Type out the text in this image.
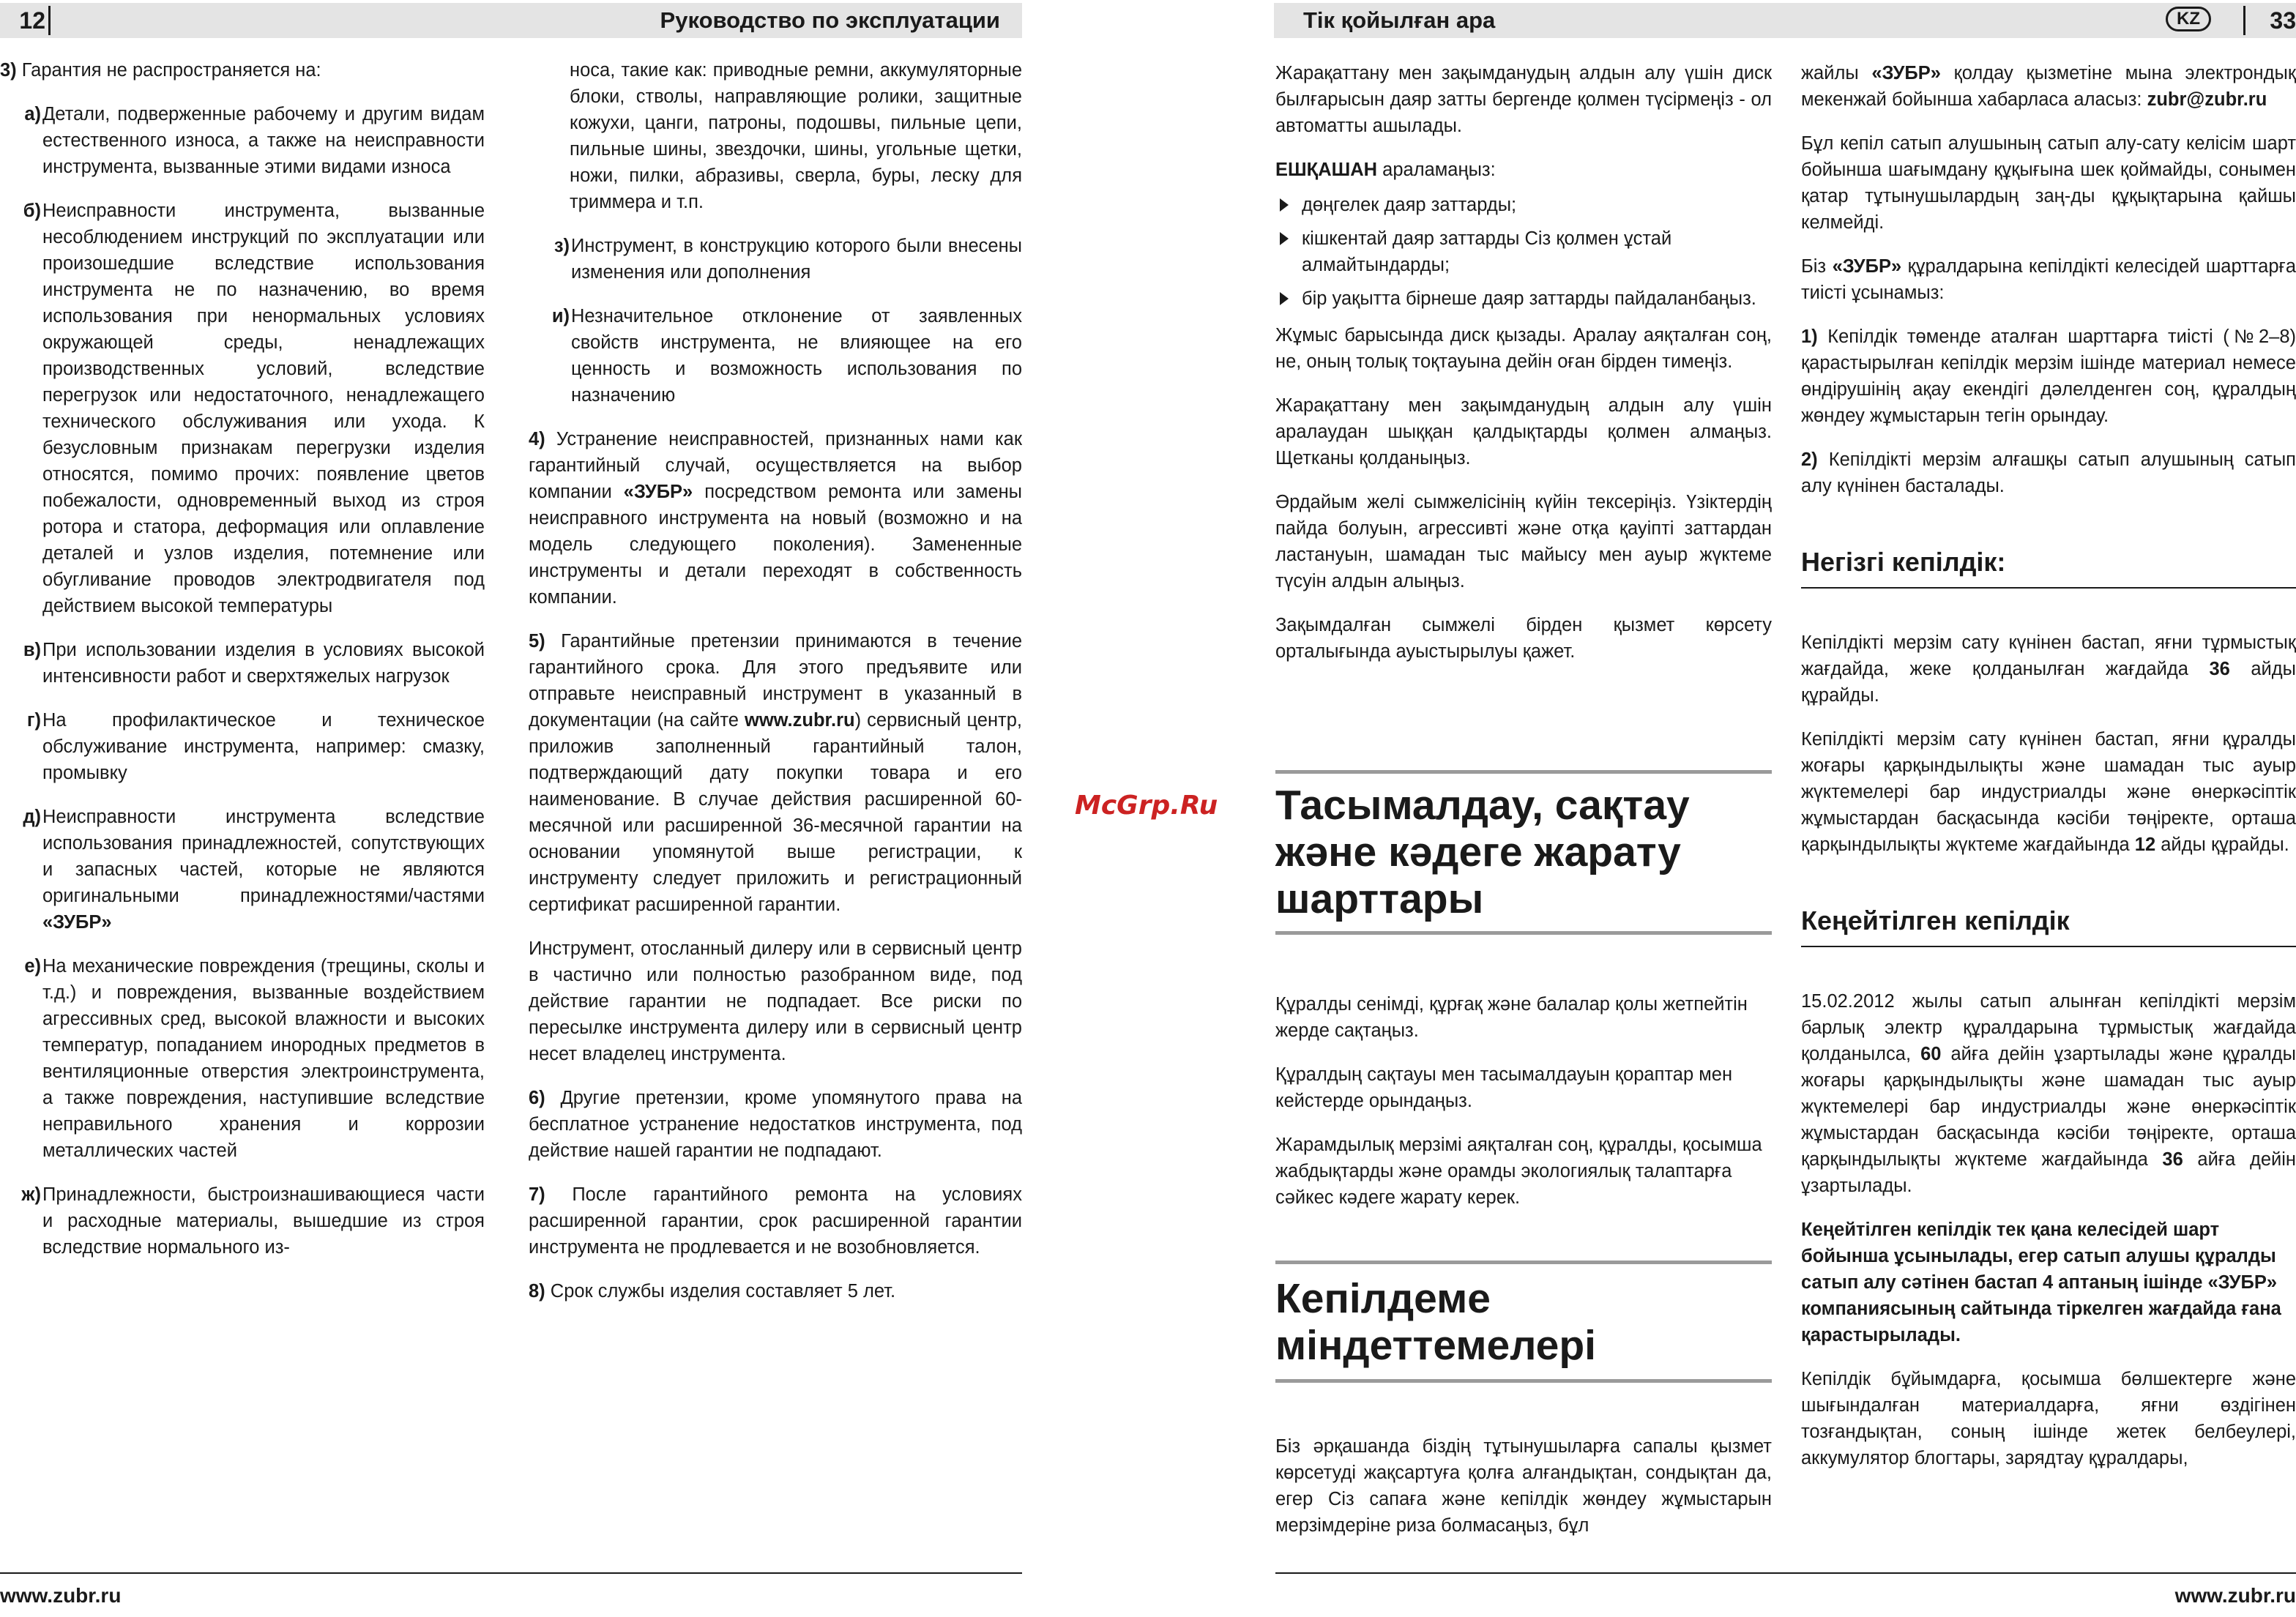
12	Руководство по эксплуатации	Тік қойылған ара	KZ	33

3) Гарантия не распространяется на:

а) Детали, подверженные рабочему и другим видам естественного износа, а также на неисправности инструмента, вызванные этими видами износа
б) Неисправности инструмента, вызванные несоблюдением инструкций по эксплуатации или произошедшие вследствие использования инструмента не по назначению, во время использования при ненормальных условиях окружающей среды, ненадлежащих производственных условий, вследствие перегрузок или недостаточного, ненадлежащего технического обслуживания или ухода. К безусловным признакам перегрузки изделия относятся, помимо прочих: появление цветов побежалости, одновременный выход из строя ротора и статора, деформация или оплавление деталей и узлов изделия, потемнение или обугливание проводов электродвигателя под действием высокой температуры
в) При использовании изделия в условиях высокой интенсивности работ и сверхтяжелых нагрузок
г) На профилактическое и техническое обслуживание инструмента, например: смазку, промывку
д) Неисправности инструмента вследствие использования принадлежностей, сопутствующих и запасных частей, которые не являются оригинальными принадлежностями/частями «ЗУБР»
е) На механические повреждения (трещины, сколы и т.д.) и повреждения, вызванные воздействием агрессивных сред, высокой влажности и высоких температур, попаданием инородных предметов в вентиляционные отверстия электроинструмента, а также повреждения, наступившие вследствие неправильного хранения и коррозии металлических частей
ж) Принадлежности, быстроизнашивающиеся части и расходные материалы, вышедшие из строя вследствие нормального из-

носа, такие как: приводные ремни, аккумуляторные блоки, стволы, направляющие ролики, защитные кожухи, цанги, патроны, подошвы, пильные цепи, пильные шины, звездочки, шины, угольные щетки, ножи, пилки, абразивы, сверла, буры, леску для триммера и т.п.

з) Инструмент, в конструкцию которого были внесены изменения или дополнения
и) Незначительное отклонение от заявленных свойств инструмента, не влияющее на его ценность и возможность использования по назначению

4) Устранение неисправностей, признанных нами как гарантийный случай, осуществляется на выбор компании «ЗУБР» посредством ремонта или замены неисправного инструмента на новый (возможно и на модель следующего поколения). Замененные инструменты и детали переходят в собственность компании.

5) Гарантийные претензии принимаются в течение гарантийного срока. Для этого предъявите или отправьте неисправный инструмент в указанный в документации (на сайте www.zubr.ru) сервисный центр, приложив заполненный гарантийный талон, подтверждающий дату покупки товара и его наименование. В случае действия расширенной 60-месячной или расширенной 36-месячной гарантии на основании упомянутой выше регистрации, к инструменту следует приложить и регистрационный сертификат расширенной гарантии.

Инструмент, отосланный дилеру или в сервисный центр в частично или полностью разобранном виде, под действие гарантии не подпадает. Все риски по пересылке инструмента дилеру или в сервисный центр несет владелец инструмента.

6) Другие претензии, кроме упомянутого права на бесплатное устранение недостатков инструмента, под действие нашей гарантии не подпадают.

7) После гарантийного ремонта на условиях расширенной гарантии, срок расширенной гарантии инструмента не продлевается и не возобновляется.

8) Срок службы изделия составляет 5 лет.

McGrp.Ru

Жарақаттану мен зақымданудың алдын алу үшін диск былғарысын даяр затты бергенде қолмен түсірмеңіз - ол автоматты ашылады.

ЕШҚАШАН араламаңыз:

дөңгелек даяр заттарды;
кішкентай даяр заттарды Сіз қолмен ұстай алмайтындарды;
бір уақытта бірнеше даяр заттарды пайдаланбаңыз.

Жұмыс барысында диск қызады. Аралау аяқталған соң, не, оның толық тоқтауына дейін оған бірден тимеңіз.

Жарақаттану мен зақымданудың алдын алу үшін аралаудан шыққан қалдықтарды қолмен алмаңыз. Щетканы қолданыңыз.

Әрдайым желі сымжелісінің күйін тексеріңіз. Үзіктердің пайда болуын, агрессивті және отқа қауіпті заттардан ластануын, шамадан тыс майысу мен ауыр жүктеме түсуін алдын алыңыз.

Зақымдалған сымжелі бірден қызмет көрсету орталығында ауыстырылуы қажет.

Тасымалдау, сақтау
және кәдеге жарату
шарттары

Құралды сенімді, құрғақ және балалар қолы жетпейтін жерде сақтаңыз.

Құралдың сақтауы мен тасымалдауын қораптар мен кейстерде орындаңыз.

Жарамдылық мерзімі аяқталған соң, құралды, қосымша жабдықтарды және орамды экологиялық талаптарға сәйкес кәдеге жарату керек.

Кепілдеме
міндеттемелері

Біз әрқашанда біздің тұтынушыларға сапалы қызмет көрсетуді жақсартуға қолға алғандықтан, сондықтан да, егер Сіз сапаға және кепілдік жөндеу жұмыстарын мерзімдеріне риза болмасаңыз, бұл

жайлы «ЗУБР» қолдау қызметіне мына электрондық мекенжай бойынша хабарласа аласыз: zubr@zubr.ru

Бұл кепіл сатып алушының сатып алу-сату келісім шарт бойынша шағымдану құқығына шек қоймайды, сонымен қатар тұтынушылардың заң-ды құқықтарына қайшы келмейді.

Біз «ЗУБР» құралдарына кепілдікті келесідей шарттарға тиісті ұсынамыз:

1) Кепілдік төменде аталған шарттарға тиісті (№2–8) қарастырылған кепілдік мерзім ішінде материал немесе өндірушінің ақау екендігі дәлелденген соң, құралдың жөндеу жұмыстарын тегін орындау.

2) Кепілдікті мерзім алғашқы сатып алушының сатып алу күнінен басталады.

Негізгі кепілдік:

Кепілдікті мерзім сату күнінен бастап, яғни тұрмыстық жағдайда, жеке қолданылған жағдайда 36 айды құрайды.

Кепілдікті мерзім сату күнінен бастап, яғни құралды жоғары қарқындылықты және шамадан тыс ауыр жүктемелері бар индустриалды және өнеркәсіптік жұмыстардан басқасында кәсіби төңіректе, орташа қарқындылықты жүктеме жағдайында 12 айды құрайды.

Кеңейтілген кепілдік

15.02.2012 жылы сатып алынған кепілдікті мерзім барлық электр құралдарына тұрмыстық жағдайда қолданылса, 60 айға дейін ұзартылады және құралды жоғары қарқындылықты және шамадан тыс ауыр жүктемелері бар индустриалды және өнеркәсіптік жұмыстардан басқасында кәсіби төңіректе, орташа қарқындылықты жүктеме жағдайында 36 айға дейін ұзартылады.

Кеңейтілген кепілдік тек қана келесідей шарт бойынша ұсынылады, егер сатып алушы құралды сатып алу сәтінен бастап 4 аптаның ішінде «ЗУБР» компаниясының сайтында тіркелген жағдайда ғана қарастырылады.

Кепілдік бұйымдарға, қосымша бөлшектерге және шығындалған материалдарға, яғни өздігінен тозғандықтан, соның ішінде жетек белбеулері, аккумулятор блогтары, зарядтау құралдары,

www.zubr.ru	www.zubr.ru
